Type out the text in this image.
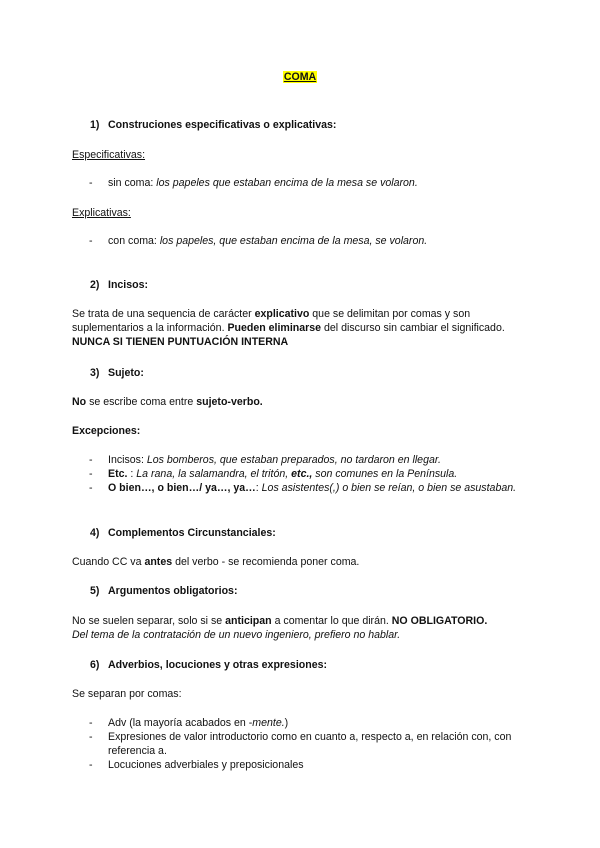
COMA
1) Construciones especificativas o explicativas:
Especificativas:
- sin coma: los papeles que estaban encima de la mesa se volaron.
Explicativas:
- con coma: los papeles, que estaban encima de la mesa, se volaron.
2) Incisos:
Se trata de una sequencia de carácter explicativo que se delimitan por comas y son suplementarios a la información. Pueden eliminarse del discurso sin cambiar el significado.
NUNCA SI TIENEN PUNTUACIÓN INTERNA
3) Sujeto:
No se escribe coma entre sujeto-verbo.
Excepciones:
- Incisos: Los bomberos, que estaban preparados, no tardaron en llegar.
- Etc. : La rana, la salamandra, el tritón, etc., son comunes en la Península.
- O bien…, o bien…/ ya…, ya…: Los asistentes(,) o bien se reían, o bien se asustaban.
4) Complementos Circunstanciales:
Cuando CC va antes del verbo - se recomienda poner coma.
5) Argumentos obligatorios:
No se suelen separar, solo si se anticipan a comentar lo que dirán. NO OBLIGATORIO.
Del tema de la contratación de un nuevo ingeniero, prefiero no hablar.
6) Adverbios, locuciones y otras expresiones:
Se separan por comas:
- Adv (la mayoría acabados en -mente.)
- Expresiones de valor introductorio como en cuanto a, respecto a, en relación con, con referencia a.
- Locuciones adverbiales y preposicionales
